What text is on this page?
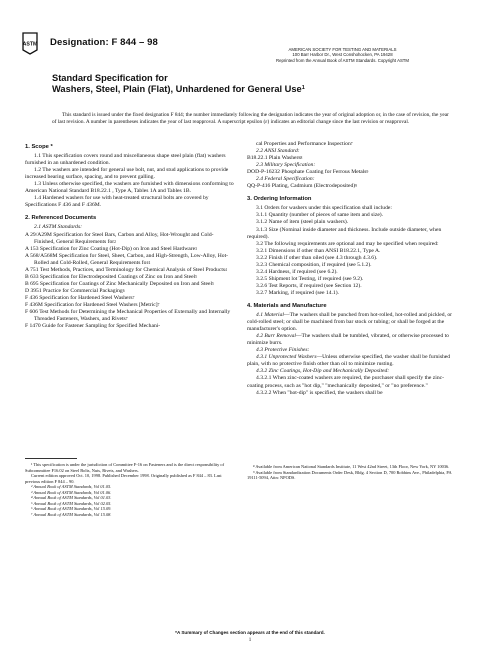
ASTM Designation: F 844 – 98
AMERICAN SOCIETY FOR TESTING AND MATERIALS
100 Barr Harbor Dr., West Conshohocken, PA 19428
Reprinted from the Annual Book of ASTM Standards. Copyright ASTM
Standard Specification for
Washers, Steel, Plain (Flat), Unhardened for General Use$^1$
This standard is issued under the fixed designation F 844; the number immediately following the designation indicates the year of original adoption or, in the case of revision, the year of last revision. A number in parentheses indicates the year of last reapproval. A superscript epsilon (ε) indicates an editorial change since the last revision or reapproval.

1. Scope *

1.1 This specification covers round and miscellaneous shape steel plain (flat) washers furnished in an unhardened condition.

1.2 The washers are intended for general use bolt, nut, and stud applications to provide increased bearing surface, spacing, and to prevent galling.

1.3 Unless otherwise specified, the washers are furnished with dimensions conforming to American National Standard B18.22.1 , Type A, Tables 1A and Tables 1B.

1.4 Hardened washers for use with heat-treated structural bolts are covered by Specifications F 436 and F 436M.

2. Referenced Documents

2.1 ASTM Standards:

A 29/A29M Specification for Steel Bars, Carbon and Alloy, Hot-Wrought and Cold-Finished, General Requirements for$^2$

A 153 Specification for Zinc Coating (Hot-Dip) on Iron and Steel Hardware$^3$

A 568/A568M Specification for Steel, Sheet, Carbon, and High-Strength, Low-Alloy, Hot-Rolled and Cold-Rolled, General Requirements for$^4$

A 751 Test Methods, Practices, and Terminology for Chemical Analysis of Steel Products$^4$

B 633 Specification for Electrodeposited Coatings of Zinc on Iron and Steel$^5$

B 695 Specification for Coatings of Zinc Mechanically Deposited on Iron and Steel$^5$

D 3951 Practice for Commercial Packaging$^6$

F 436 Specification for Hardened Steel Washers$^7$

F 436M Specification for Hardened Steel Washers [Metric]$^7$

F 606 Test Methods for Determining the Mechanical Properties of Externally and Internally Threaded Fasteners, Washers, and Rivets$^7$

F 1470 Guide for Fastener Sampling for Specified Mechani-

cal Properties and Performance Inspection$^7$

2.2 ANSI Standard:

B18.22.1 Plain Washers$^8$

2.3 Military Specification:

DOD-P-16232 Phosphate Coating for Ferrous Metals$^9$

2.4 Federal Specification:

QQ-P-416 Plating, Cadmium (Electrodeposited)$^9$

3. Ordering Information

3.1 Orders for washers under this specification shall include:

3.1.1 Quantity (number of pieces of same item and size).

3.1.2 Name of item (steel plain washers).

3.1.3 Size (Nominal inside diameter and thickness. Include outside diameter, when required).

3.2 The following requirements are optional and may be specified when required:

3.2.1 Dimensions if other than ANSI B18.22.1, Type A.

3.2.2 Finish if other than oiled (see 4.3 through 4.3.6).

3.2.3 Chemical composition, if required (see 5.1.2).

3.2.4 Hardness, if required (see 6.2).

3.2.5 Shipment lot Testing, if required (see 9.2).

3.2.6 Test Reports, if required (see Section 12).

3.2.7 Marking, if required (see 14.1).

4. Materials and Manufacture

4.1 Material—The washers shall be punched from hot-rolled, hot-rolled and pickled, or cold-rolled steel; or shall be machined from bar stock or tubing; or shall be forged at the manufacturer's option.

4.2 Burr Removal—The washers shall be tumbled, vibrated, or otherwise processed to minimize burrs.

4.3 Protective Finishes:

4.3.1 Unprotected Washers—Unless otherwise specified, the washer shall be furnished plain, with no protective finish other than oil to minimize rusting.

4.3.2 Zinc Coatings, Hot-Dip and Mechanically Deposited:

4.3.2.1 When zinc-coated washers are required, the purchaser shall specify the zinc-coating process, such as "hot dip," "mechanically deposited," or "no preference."

4.3.2.2 When "hot-dip" is specified, the washers shall be

¹ This specification is under the jurisdiction of Committee F-16 on Fasteners and is the direct responsibility of Subcommittee F16.02 on Steel Bolts, Nuts, Rivets, and Washers.
Current edition approved Oct. 10, 1998. Published December 1998. Originally published as F 844 – 83. Last previous edition F 844 – 90.
² Annual Book of ASTM Standards, Vol 01.05.
³ Annual Book of ASTM Standards, Vol 01.06.
⁴ Annual Book of ASTM Standards, Vol 01.03.
⁵ Annual Book of ASTM Standards, Vol 02.05.
⁶ Annual Book of ASTM Standards, Vol 15.09.
⁷ Annual Book of ASTM Standards, Vol 15.08.
⁸ Available from American National Standards Institute, 11 West 42nd Street, 13th Floor, New York, NY 10036.
⁹ Available from Standardization Documents Order Desk, Bldg. 4 Section D, 700 Robbins Ave., Philadelphia, PA 19111-5094, Attn: NPODS.
*A Summary of Changes section appears at the end of this standard.
1
